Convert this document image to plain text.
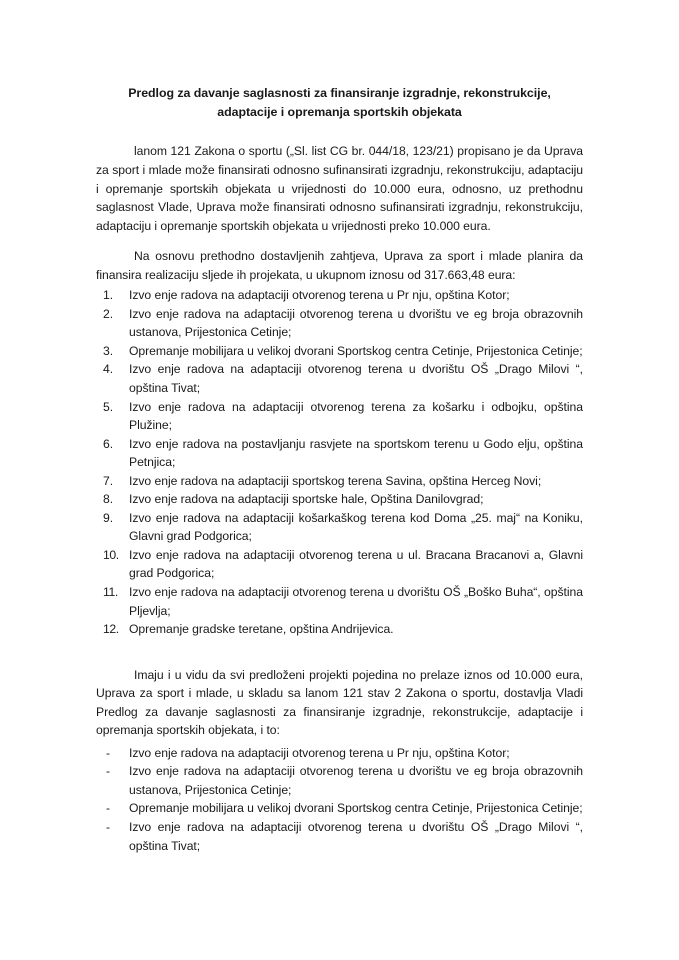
Predlog za davanje saglasnosti za finansiranje izgradnje, rekonstrukcije,
adaptacije i opremanja sportskih objekata

lanom 121 Zakona o sportu („Sl. list CG br. 044/18, 123/21) propisano je da Uprava za sport i mlade može finansirati odnosno sufinansirati izgradnju, rekonstrukciju, adaptaciju i opremanje sportskih objekata u vrijednosti do 10.000 eura, odnosno, uz prethodnu saglasnost Vlade, Uprava može finansirati odnosno sufinansirati izgradnju, rekonstrukciju, adaptaciju i opremanje sportskih objekata u vrijednosti preko 10.000 eura.

Na osnovu prethodno dostavljenih zahtjeva, Uprava za sport i mlade planira da finansira realizaciju sljede ih projekata, u ukupnom iznosu od 317.663,48 eura:

Izvo enje radova na adaptaciji otvorenog terena u Pr nju, opština Kotor;
Izvo enje radova na adaptaciji otvorenog terena u dvorištu ve eg broja obrazovnih ustanova, Prijestonica Cetinje;
Opremanje mobilijara u velikoj dvorani Sportskog centra Cetinje, Prijestonica Cetinje;
Izvo enje radova na adaptaciji otvorenog terena u dvorištu OŠ „Drago Milovi “, opština Tivat;
Izvo enje radova na adaptaciji otvorenog terena za košarku i odbojku, opština Plužine;
Izvo enje radova na postavljanju rasvjete na sportskom terenu u Godo elju, opština Petnjica;
Izvo enje radova na adaptaciji sportskog terena Savina, opština Herceg Novi;
Izvo enje radova na adaptaciji sportske hale, Opština Danilovgrad;
Izvo enje radova na adaptaciji košarkaškog terena kod Doma „25. maj“ na Koniku, Glavni grad Podgorica;
Izvo enje radova na adaptaciji otvorenog terena u ul. Bracana Bracanovi a, Glavni grad Podgorica;
Izvo enje radova na adaptaciji otvorenog terena u dvorištu OŠ „Boško Buha“, opština Pljevlja;
Opremanje gradske teretane, opština Andrijevica.

Imaju i u vidu da svi predloženi projekti pojedina no prelaze iznos od 10.000 eura, Uprava za sport i mlade, u skladu sa lanom 121 stav 2 Zakona o sportu, dostavlja Vladi Predlog za davanje saglasnosti za finansiranje izgradnje, rekonstrukcije, adaptacije i opremanja sportskih objekata, i to:

- Izvo enje radova na adaptaciji otvorenog terena u Pr nju, opština Kotor;
- Izvo enje radova na adaptaciji otvorenog terena u dvorištu ve eg broja obrazovnih ustanova, Prijestonica Cetinje;
- Opremanje mobilijara u velikoj dvorani Sportskog centra Cetinje, Prijestonica Cetinje;
- Izvo enje radova na adaptaciji otvorenog terena u dvorištu OŠ „Drago Milovi “, opština Tivat;
